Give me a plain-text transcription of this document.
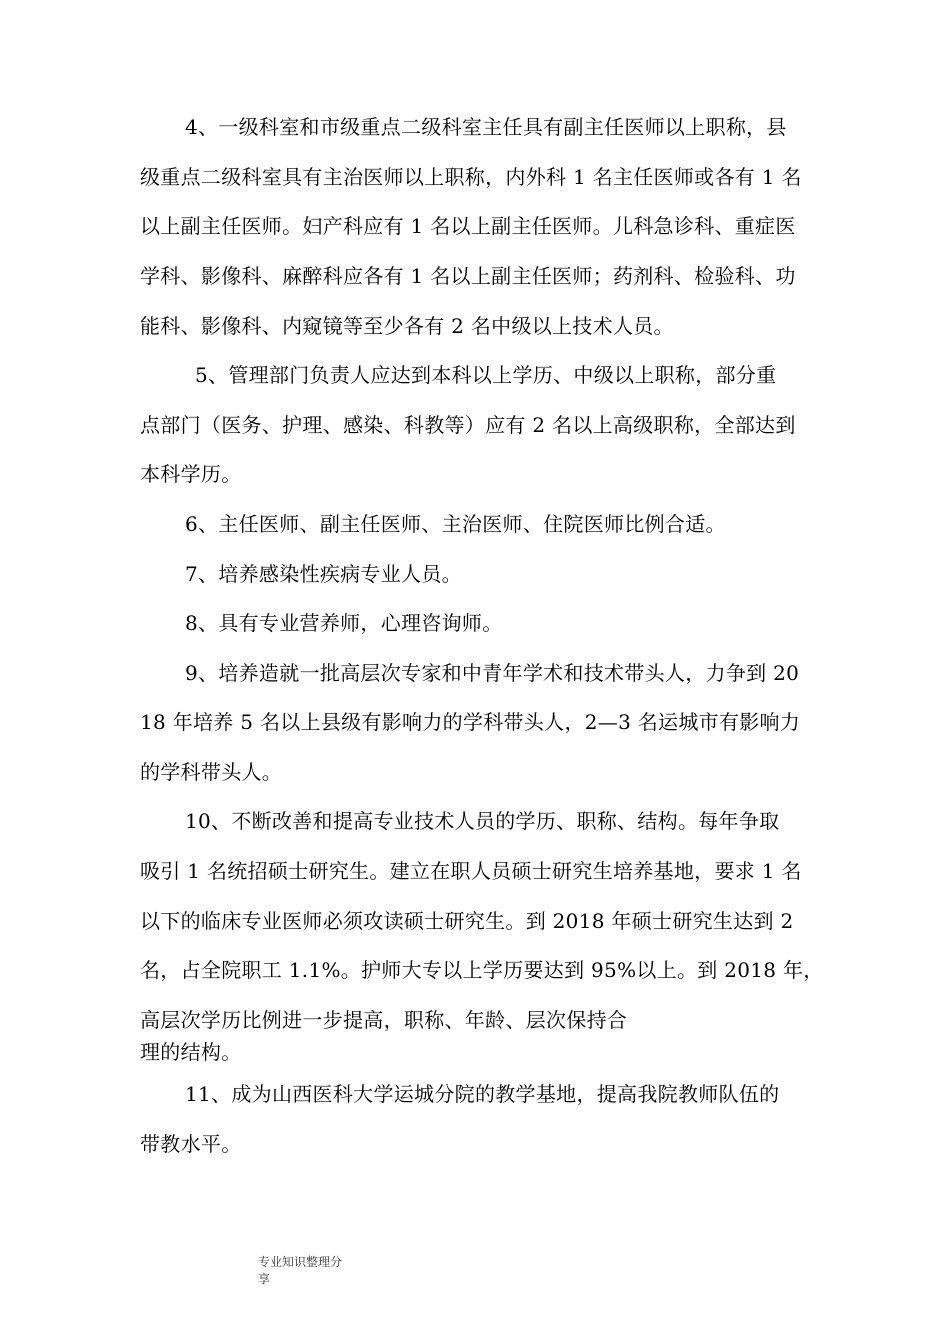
4、一级科室和市级重点二级科室主任具有副主任医师以上职称，县
级重点二级科室具有主治医师以上职称，内外科 1 名主任医师或各有 1 名
以上副主任医师。妇产科应有 1 名以上副主任医师。儿科急诊科、重症医
学科、影像科、麻醉科应各有 1 名以上副主任医师；药剂科、检验科、功
能科、影像科、内窥镜等至少各有 2 名中级以上技术人员。
5、管理部门负责人应达到本科以上学历、中级以上职称，部分重
点部门（医务、护理、感染、科教等）应有 2 名以上高级职称，全部达到
本科学历。
6、主任医师、副主任医师、主治医师、住院医师比例合适。
7、培养感染性疾病专业人员。
8、具有专业营养师，心理咨询师。
9、培养造就一批高层次专家和中青年学术和技术带头人，力争到 20
18 年培养 5 名以上县级有影响力的学科带头人，2—3 名运城市有影响力
的学科带头人。
10、不断改善和提高专业技术人员的学历、职称、结构。每年争取
吸引 1 名统招硕士研究生。建立在职人员硕士研究生培养基地，要求 1 名
以下的临床专业医师必须攻读硕士研究生。到 2018 年硕士研究生达到 2
名，占全院职工 1.1%。护师大专以上学历要达到 95%以上。到 2018 年，
高层次学历比例进一步提高，职称、年龄、层次保持合
理的结构。
11、成为山西医科大学运城分院的教学基地，提高我院教师队伍的
带教水平。
专业知识整理分
享
